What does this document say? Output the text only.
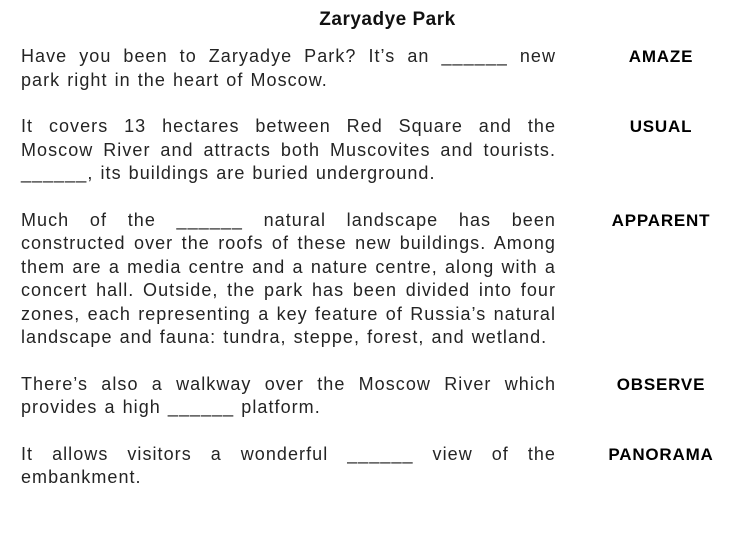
Zaryadye Park
Have you been to Zaryadye Park? It’s an ______ new park right in the heart of Moscow.
AMAZE
It covers 13 hectares between Red Square and the Moscow River and attracts both Muscovites and tourists. ______, its buildings are buried underground.
USUAL
Much of the ______ natural landscape has been constructed over the roofs of these new buildings. Among them are a media centre and a nature centre, along with a concert hall. Outside, the park has been divided into four zones, each representing a key feature of Russia’s natural landscape and fauna: tundra, steppe, forest, and wetland.
APPARENT
There’s also a walkway over the Moscow River which provides a high ______ platform.
OBSERVE
It allows visitors a wonderful ______ view of the embankment.
PANORAMA
